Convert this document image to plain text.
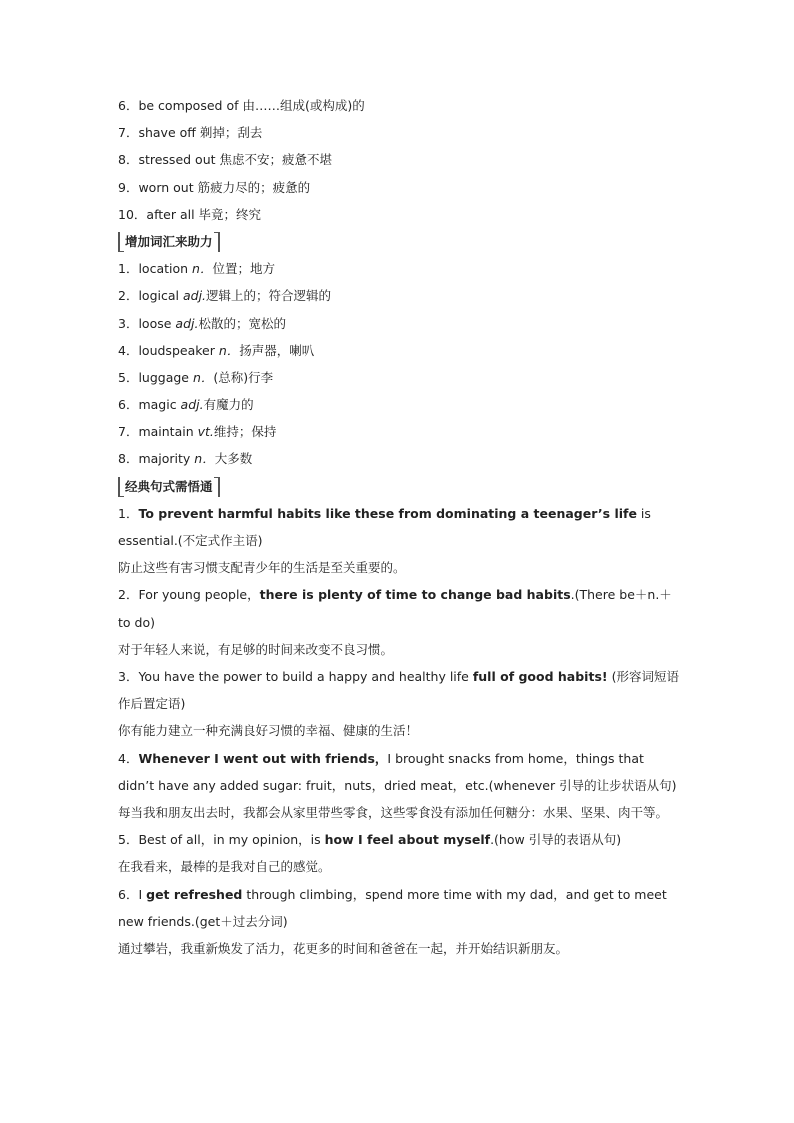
6．be composed of 由……组成(或构成)的
7．shave off 剃掉；刮去
8．stressed out 焦虑不安；疲惫不堪
9．worn out 筋疲力尽的；疲惫的
10．after all 毕竟；终究
增加词汇来助力
1．location n．位置；地方
2．logical adj.逻辑上的；符合逻辑的
3．loose adj.松散的；宽松的
4．loudspeaker n．扬声器，喇叭
5．luggage n．(总称)行李
6．magic adj.有魔力的
7．maintain vt.维持；保持
8．majority n．大多数
经典句式需悟通
1．To prevent harmful habits like these from dominating a teenager’s life is essential.(不定式作主语)
防止这些有害习惯支配青少年的生活是至关重要的。
2．For young people，there is plenty of time to change bad habits.(There be＋n.＋to do)
对于年轻人来说，有足够的时间来改变不良习惯。
3．You have the power to build a happy and healthy life full of good habits! (形容词短语作后置定语)
你有能力建立一种充满良好习惯的幸福、健康的生活！
4．Whenever I went out with friends，I brought snacks from home，things that didn’t have any added sugar: fruit，nuts，dried meat，etc.(whenever 引导的让步状语从句)
每当我和朋友出去时，我都会从家里带些零食，这些零食没有添加任何糖分：水果、坚果、肉干等。
5．Best of all，in my opinion，is how I feel about myself.(how 引导的表语从句)
在我看来，最棒的是我对自己的感觉。
6．I get refreshed through climbing，spend more time with my dad，and get to meet new friends.(get＋过去分词)
通过攀岩，我重新焕发了活力，花更多的时间和爸爸在一起，并开始结识新朋友。
